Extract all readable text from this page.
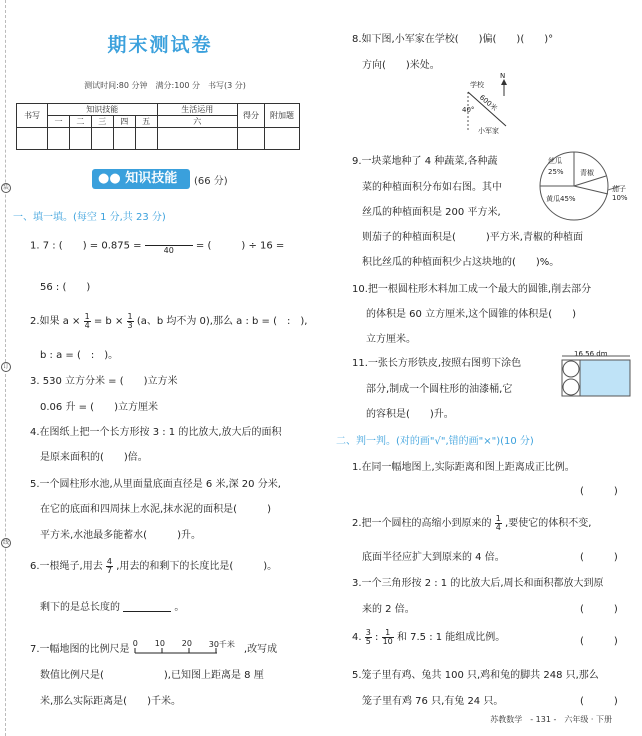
装
订
线
期末测试卷
测试时间:80 分钟　满分:100 分　书写(3 分)
书写	知识技能					生活运用	得分	附加题
	一	二	三	四	五	六		

●● 知识技能	(66 分)
一、填一填。(每空 1 分,共 23 分)
1. 7 : (　　) = 0.875 =	40	= (　　　) ÷ 16 =
56 : (　　)
2.如果 $a \times \frac{1}{4} = b \times \frac{1}{3} (a$、b 均不为 0),那么 a : b = (　:　),
b : a = (　:　)。
3. 530 立方分米 = (　　)立方米
0.06 升 = (　　)立方厘米
4.在图纸上把一个长方形按 3 : 1 的比放大,放大后的面积
是原来面积的(　　)倍。
5.一个圆柱形水池,从里面量底面直径是 6 米,深 20 分米,
在它的底面和四周抹上水泥,抹水泥的面积是(　　　)
平方米,水池最多能蓄水(　　　)升。
6.一根绳子,用去 $\frac{4}{7}$ ,用去的和剩下的长度比是(　　　)。
剩下的是总长度的	。
7.一幅地图的比例尺是
0 10 20 30千米 ,改写成
数值比例尺是(　　　　　　),已知图上距离是 8 厘
米,那么实际距离是(　　)千米。
8.如下图,小军家在学校(　　)偏(　　)(　　)°
方向(　　)米处。
学校
N
600米
40°
小军家
9.一块菜地种了 4 种蔬菜,各种蔬
菜的种植面积分布如右图。其中
丝瓜的种植面积是 200 平方米,
则茄子的种植面积是(　　　)平方米,青椒的种植面
积比丝瓜的种植面积少占这块地的(　　)%。
丝瓜
25% 青椒
茄子
10%
黄瓜45%
10.把一根圆柱形木料加工成一个最大的圆锥,削去部分
的体积是 60 立方厘米,这个圆锥的体积是(　　)
立方厘米。
11.一张长方形铁皮,按照右图剪下涂色
部分,制成一个圆柱形的油漆桶,它
的容积是(　　)升。
16.56 dm
二、判一判。(对的画"√",错的画"×")(10 分)
1.在同一幅地图上,实际距离和图上距离成正比例。
(　　　)
2.把一个圆柱的高缩小到原来的 $\frac{1}{4}$ ,要使它的体积不变,
底面半径应扩大到原来的 4 倍。	(　　　)
3.一个三角形按 2 : 1 的比放大后,周长和面积都放大到原
来的 2 倍。	(　　　)
4. $\frac{3}{5}$ : $\frac{1}{10}$ 和 7.5 : 1 能组成比例。	(　　　)
5.笼子里有鸡、兔共 100 只,鸡和兔的脚共 248 只,那么
笼子里有鸡 76 只,有兔 24 只。	(　　　)
苏教数学　- 131 -　六年级 · 下册
